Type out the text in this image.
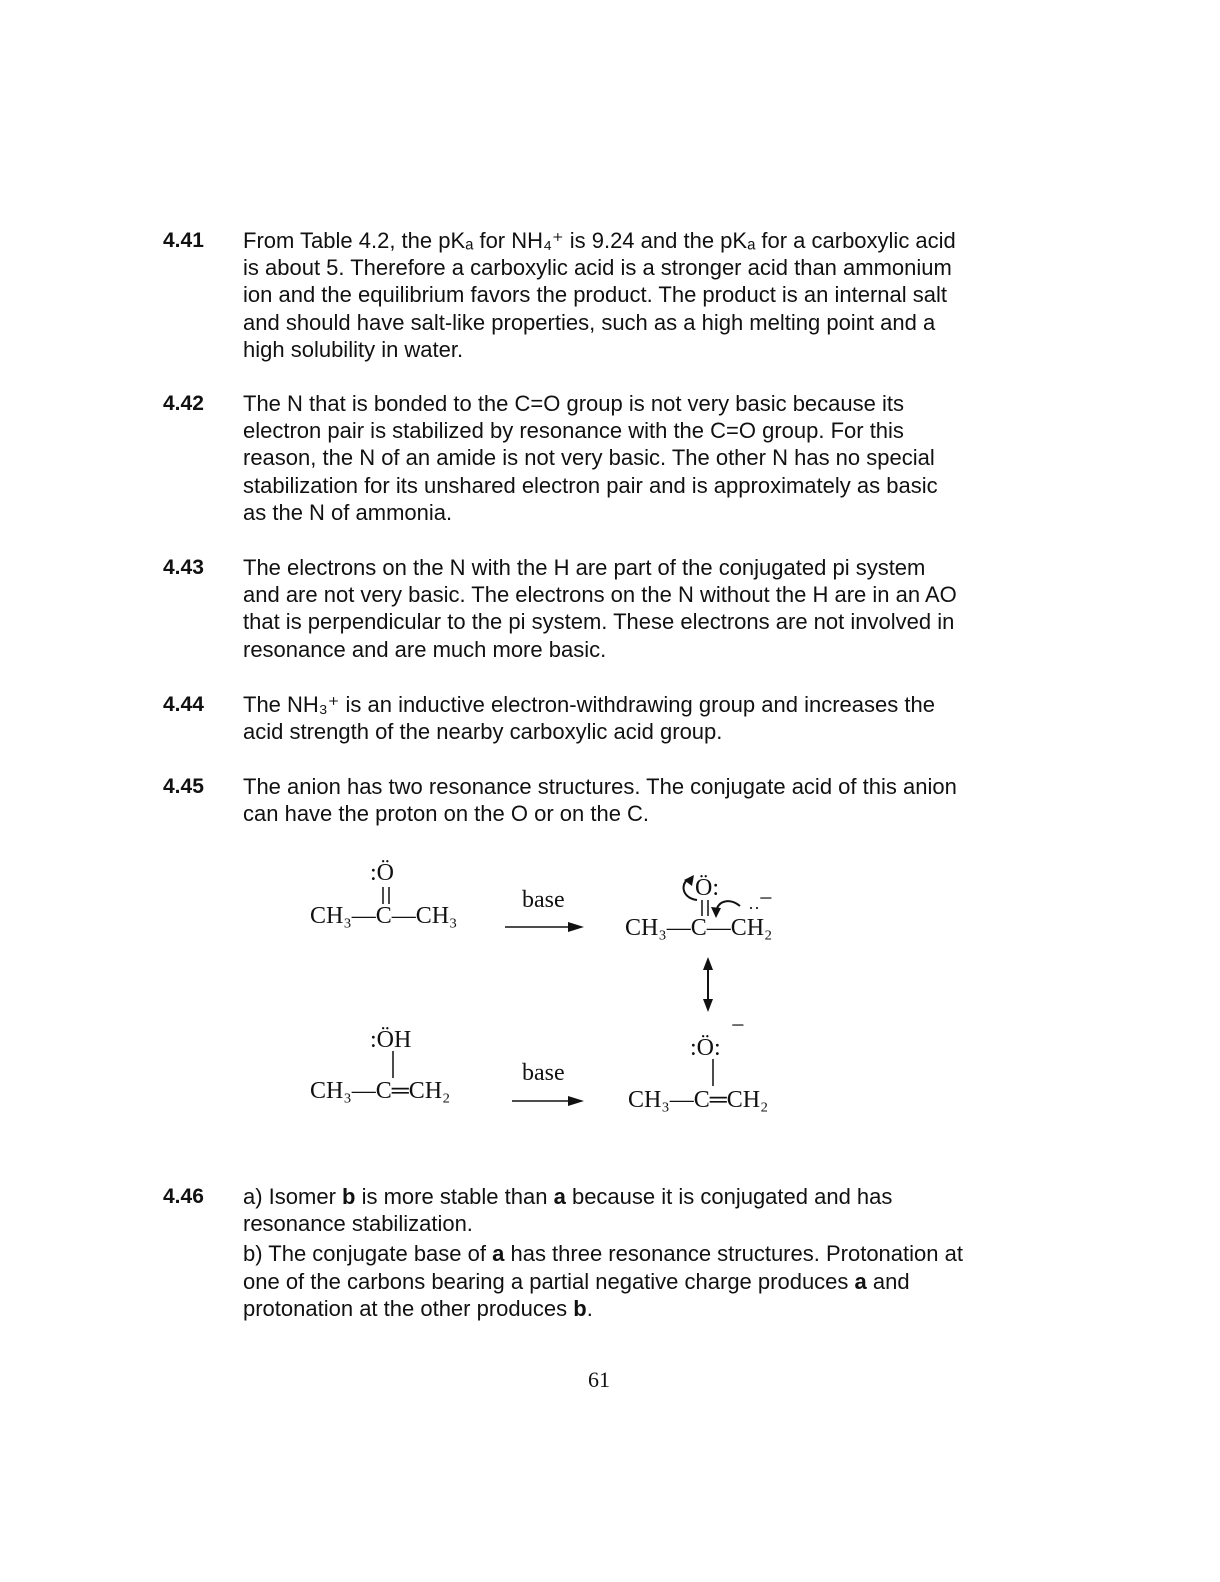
4.41 From Table 4.2, the pKₐ for NH₄⁺ is 9.24 and the pKₐ for a carboxylic acid
is about 5. Therefore a carboxylic acid is a stronger acid than ammonium
ion and the equilibrium favors the product. The product is an internal salt
and should have salt-like properties, such as a high melting point and a
high solubility in water.
4.42 The N that is bonded to the C=O group is not very basic because its
electron pair is stabilized by resonance with the C=O group. For this
reason, the N of an amide is not very basic. The other N has no special
stabilization for its unshared electron pair and is approximately as basic
as the N of ammonia.
4.43 The electrons on the N with the H are part of the conjugated pi system
and are not very basic. The electrons on the N without the H are in an AO
that is perpendicular to the pi system. These electrons are not involved in
resonance and are much more basic.
4.44 The NH₃⁺ is an inductive electron-withdrawing group and increases the
acid strength of the nearby carboxylic acid group.
4.45 The anion has two resonance structures. The conjugate acid of this anion
can have the proton on the O or on the C.
:Ö
CH₃—C—CH₃
base	Ö:
·· −
CH₃—C—CH₂
:ÖH
CH₃—C═CH₂
base
:Ö:
−
CH₃—C═CH₂
4.46 a) Isomer b is more stable than a because it is conjugated and has
resonance stabilization.
b) The conjugate base of a has three resonance structures. Protonation at
one of the carbons bearing a partial negative charge produces a and
protonation at the other produces b.
61
